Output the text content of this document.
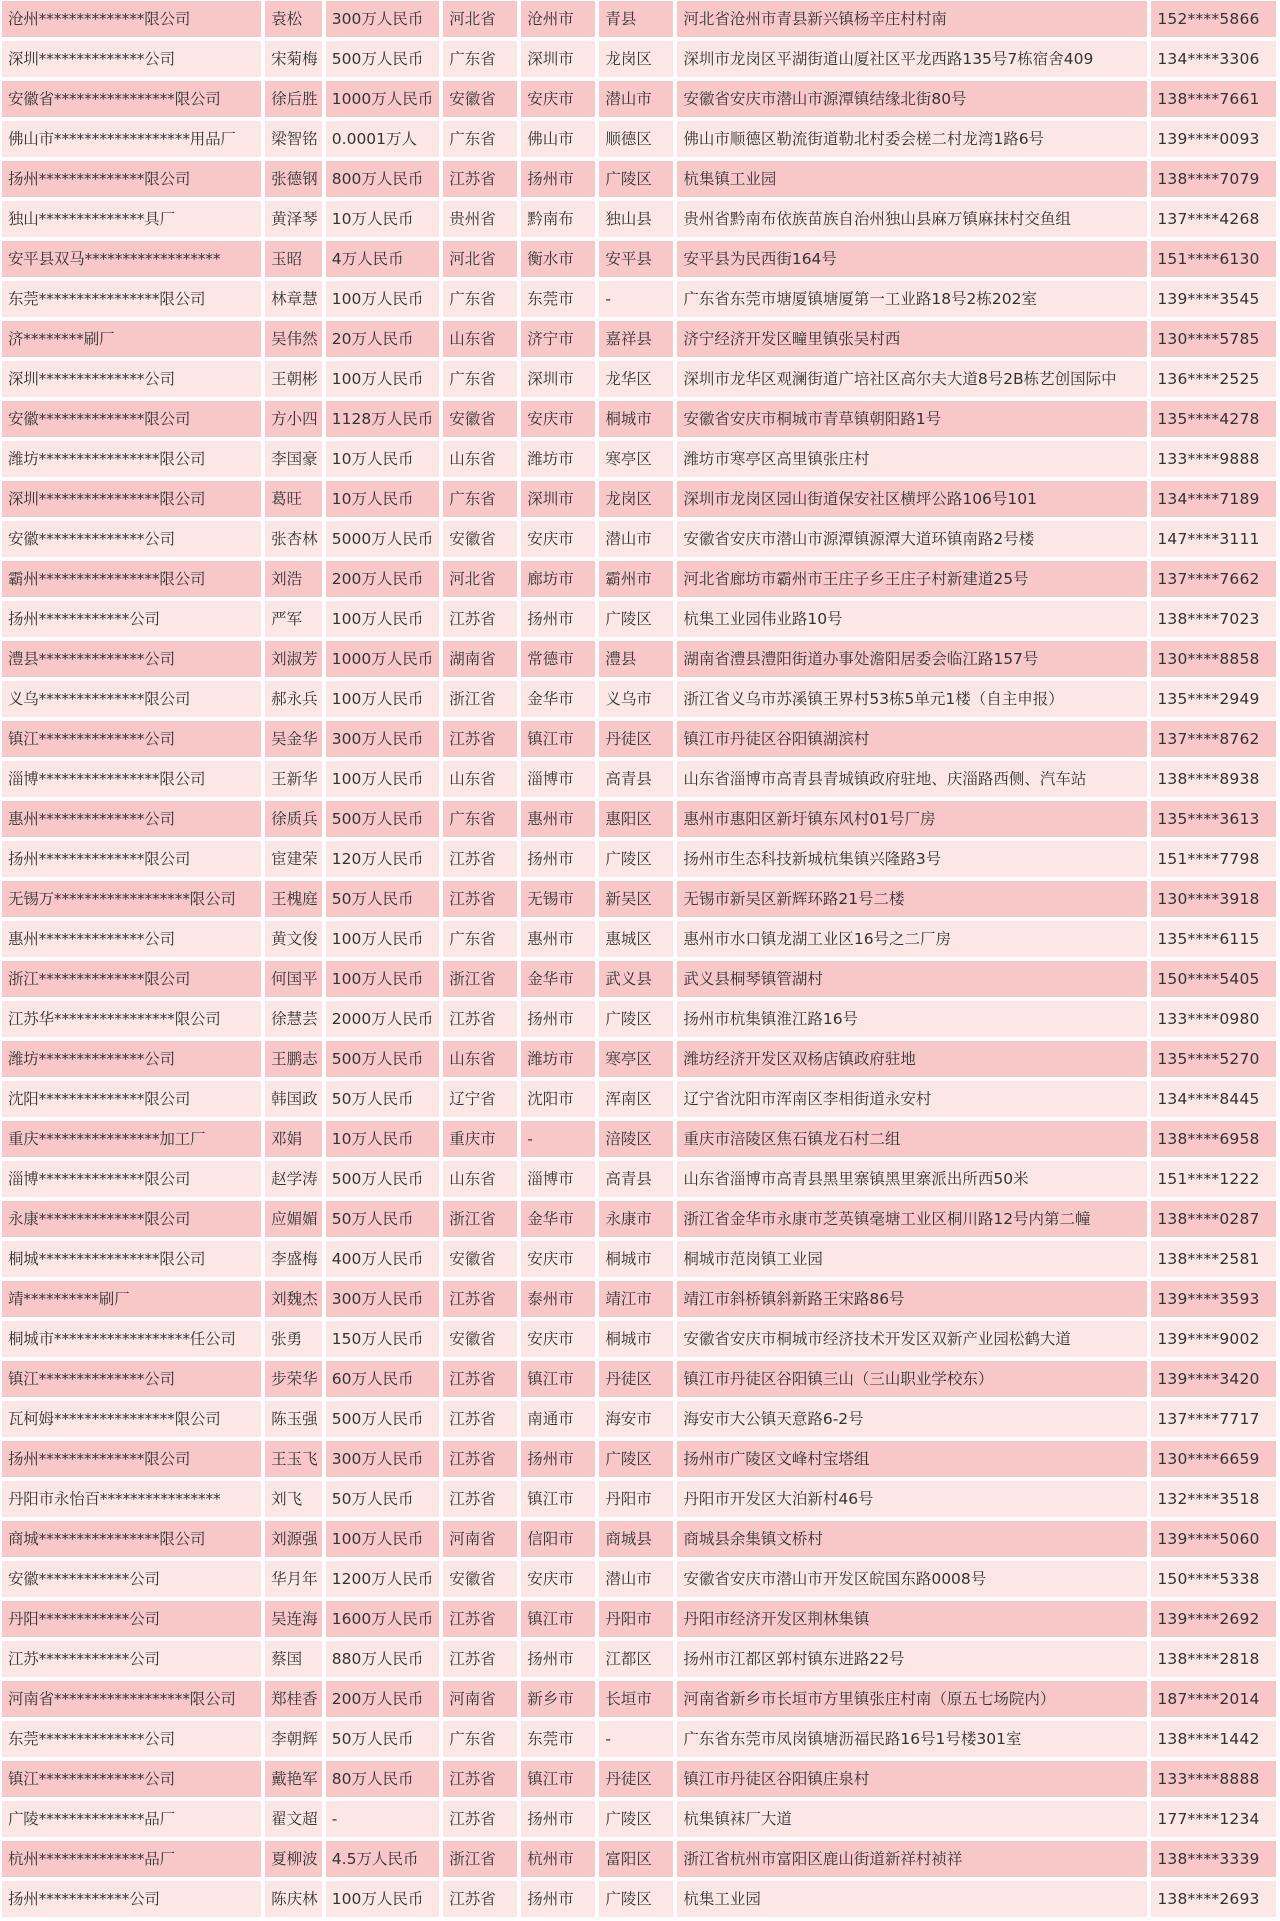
沧州**************限公司	袁松	300万人民币	河北省	沧州市	青县	河北省沧州市青县新兴镇杨辛庄村村南	152****5866
深圳**************公司	宋菊梅	500万人民币	广东省	深圳市	龙岗区	深圳市龙岗区平湖街道山厦社区平龙西路135号7栋宿舍409	134****3306
安徽省****************限公司	徐后胜	1000万人民币	安徽省	安庆市	潜山市	安徽省安庆市潜山市源潭镇结缘北街80号	138****7661
佛山市******************用品厂	梁智铭	0.0001万人	广东省	佛山市	顺德区	佛山市顺德区勒流街道勒北村委会槎二村龙湾1路6号	139****0093
扬州**************限公司	张德钢	800万人民币	江苏省	扬州市	广陵区	杭集镇工业园	138****7079
独山**************具厂	黄泽琴	10万人民币	贵州省	黔南布	独山县	贵州省黔南布依族苗族自治州独山县麻万镇麻抹村交鱼组	137****4268
安平县双马******************	玉昭	4万人民币	河北省	衡水市	安平县	安平县为民西街164号	151****6130
东莞****************限公司	林章慧	100万人民币	广东省	东莞市	-	广东省东莞市塘厦镇塘厦第一工业路18号2栋202室	139****3545
济********刷厂	吴伟然	20万人民币	山东省	济宁市	嘉祥县	济宁经济开发区疃里镇张吴村西	130****5785
深圳**************公司	王朝彬	100万人民币	广东省	深圳市	龙华区	深圳市龙华区观澜街道广培社区高尔夫大道8号2B栋艺创国际中	136****2525
安徽**************限公司	方小四	1128万人民币	安徽省	安庆市	桐城市	安徽省安庆市桐城市青草镇朝阳路1号	135****4278
潍坊****************限公司	李国豪	10万人民币	山东省	潍坊市	寒亭区	潍坊市寒亭区高里镇张庄村	133****9888
深圳****************限公司	葛旺	10万人民币	广东省	深圳市	龙岗区	深圳市龙岗区园山街道保安社区横坪公路106号101	134****7189
安徽**************公司	张杏林	5000万人民币	安徽省	安庆市	潜山市	安徽省安庆市潜山市源潭镇源潭大道环镇南路2号楼	147****3111
霸州****************限公司	刘浩	200万人民币	河北省	廊坊市	霸州市	河北省廊坊市霸州市王庄子乡王庄子村新建道25号	137****7662
扬州************公司	严军	100万人民币	江苏省	扬州市	广陵区	杭集工业园伟业路10号	138****7023
澧县**************公司	刘淑芳	1000万人民币	湖南省	常德市	澧县	湖南省澧县澧阳街道办事处澹阳居委会临江路157号	130****8858
义乌**************限公司	郝永兵	100万人民币	浙江省	金华市	义乌市	浙江省义乌市苏溪镇王界村53栋5单元1楼（自主申报）	135****2949
镇江**************公司	吴金华	300万人民币	江苏省	镇江市	丹徒区	镇江市丹徒区谷阳镇湖滨村	137****8762
淄博****************限公司	王新华	100万人民币	山东省	淄博市	高青县	山东省淄博市高青县青城镇政府驻地、庆淄路西侧、汽车站	138****8938
惠州**************公司	徐质兵	500万人民币	广东省	惠州市	惠阳区	惠州市惠阳区新圩镇东风村01号厂房	135****3613
扬州**************限公司	宦建荣	120万人民币	江苏省	扬州市	广陵区	扬州市生态科技新城杭集镇兴隆路3号	151****7798
无锡万******************限公司	王槐庭	50万人民币	江苏省	无锡市	新吴区	无锡市新吴区新辉环路21号二楼	130****3918
惠州**************公司	黄文俊	100万人民币	广东省	惠州市	惠城区	惠州市水口镇龙湖工业区16号之二厂房	135****6115
浙江**************限公司	何国平	100万人民币	浙江省	金华市	武义县	武义县桐琴镇管湖村	150****5405
江苏华****************限公司	徐慧芸	2000万人民币	江苏省	扬州市	广陵区	扬州市杭集镇淮江路16号	133****0980
潍坊**************公司	王鹏志	500万人民币	山东省	潍坊市	寒亭区	潍坊经济开发区双杨店镇政府驻地	135****5270
沈阳**************限公司	韩国政	50万人民币	辽宁省	沈阳市	浑南区	辽宁省沈阳市浑南区李相街道永安村	134****8445
重庆****************加工厂	邓娟	10万人民币	重庆市	-	涪陵区	重庆市涪陵区焦石镇龙石村二组	138****6958
淄博**************限公司	赵学涛	500万人民币	山东省	淄博市	高青县	山东省淄博市高青县黑里寨镇黑里寨派出所西50米	151****1222
永康**************限公司	应媚媚	50万人民币	浙江省	金华市	永康市	浙江省金华市永康市芝英镇毫塘工业区桐川路12号内第二幢	138****0287
桐城****************限公司	李盛梅	400万人民币	安徽省	安庆市	桐城市	桐城市范岗镇工业园	138****2581
靖**********刷厂	刘魏杰	300万人民币	江苏省	泰州市	靖江市	靖江市斜桥镇斜新路王宋路86号	139****3593
桐城市******************任公司	张勇	150万人民币	安徽省	安庆市	桐城市	安徽省安庆市桐城市经济技术开发区双新产业园松鹤大道	139****9002
镇江**************公司	步荣华	60万人民币	江苏省	镇江市	丹徒区	镇江市丹徒区谷阳镇三山（三山职业学校东）	139****3420
瓦柯姆****************限公司	陈玉强	500万人民币	江苏省	南通市	海安市	海安市大公镇天意路6-2号	137****7717
扬州**************限公司	王玉飞	300万人民币	江苏省	扬州市	广陵区	扬州市广陵区文峰村宝塔组	130****6659
丹阳市永怡百****************	刘飞	50万人民币	江苏省	镇江市	丹阳市	丹阳市开发区大泊新村46号	132****3518
商城****************限公司	刘源强	100万人民币	河南省	信阳市	商城县	商城县余集镇文桥村	139****5060
安徽************公司	华月年	1200万人民币	安徽省	安庆市	潜山市	安徽省安庆市潜山市开发区皖国东路0008号	150****5338
丹阳************公司	吴连海	1600万人民币	江苏省	镇江市	丹阳市	丹阳市经济开发区荆林集镇	139****2692
江苏************公司	蔡国	880万人民币	江苏省	扬州市	江都区	扬州市江都区郭村镇东进路22号	138****2818
河南省******************限公司	郑桂香	200万人民币	河南省	新乡市	长垣市	河南省新乡市长垣市方里镇张庄村南（原五七场院内）	187****2014
东莞**************公司	李朝辉	50万人民币	广东省	东莞市	-	广东省东莞市凤岗镇塘沥福民路16号1号楼301室	138****1442
镇江**************公司	戴艳军	80万人民币	江苏省	镇江市	丹徒区	镇江市丹徒区谷阳镇庄泉村	133****8888
广陵**************品厂	翟文超	-	江苏省	扬州市	广陵区	杭集镇袜厂大道	177****1234
杭州**************品厂	夏柳波	4.5万人民币	浙江省	杭州市	富阳区	浙江省杭州市富阳区鹿山街道新祥村祯祥	138****3339
扬州************公司	陈庆林	100万人民币	江苏省	扬州市	广陵区	杭集工业园	138****2693
